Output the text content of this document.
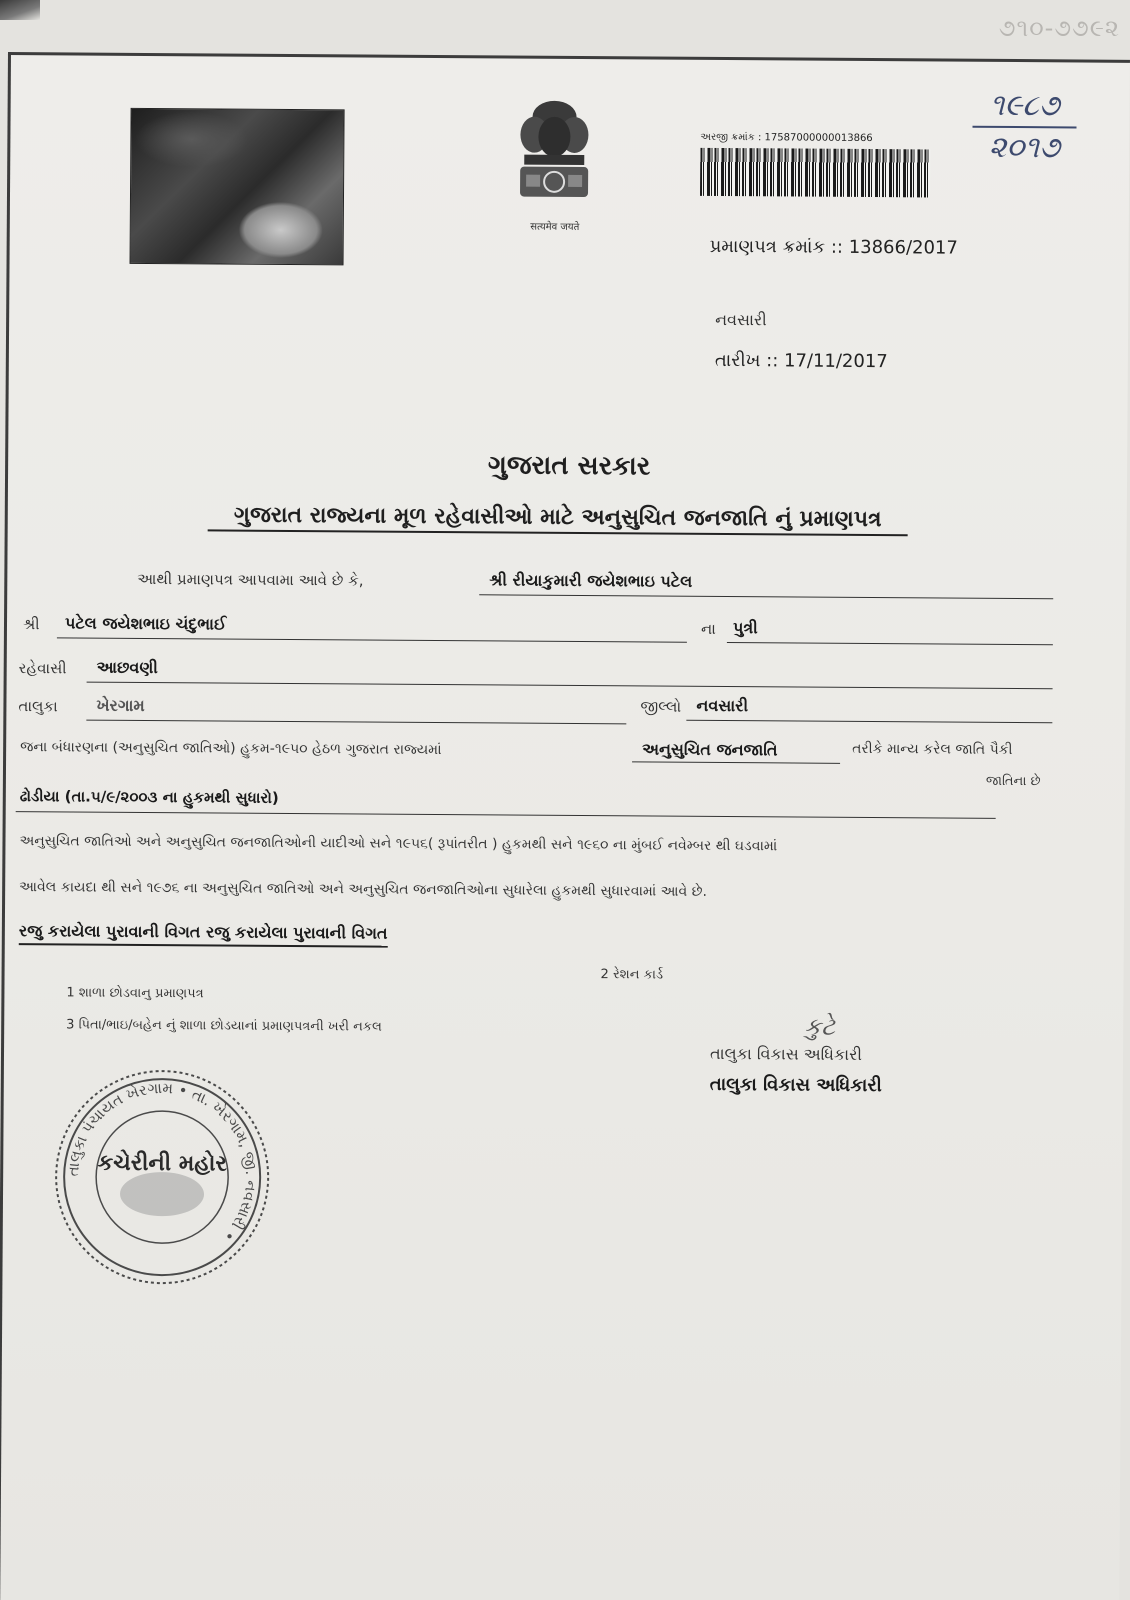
૭૧૦-૭૭૯૨
सत्यमेव जयते
અરજી ક્રમાંક : 17587000000013866
૧૯૮૭
૨૦૧૭
પ્રમાણપત્ર ક્રમાંક :: 13866/2017
નવસારી
તારીખ :: 17/11/2017
ગુજરાત સરકાર
ગુજરાત રાજ્યના મૂળ રહેવાસીઓ માટે અનુસુચિત જનજાતિ નું પ્રમાણપત્ર
આથી પ્રમાણપત્ર આપવામા આવે છે કે,	શ્રી રીયાકુમારી જયેશભાઇ પટેલ
શ્રી પટેલ જયેશભાઇ ચંદુભાઈ	ના પુત્રી
રહેવાસી આછવણી
તાલુકા ખેરગામ	જીલ્લો નવસારી
જના બંધારણના (અનુસુચિત જાતિઓ) હુકમ-૧૯૫૦ હેઠળ ગુજરાત રાજ્યમાં	અનુસુચિત જનજાતિ	તરીકે માન્ય કરેલ જાતિ પૈકી
જાતિના છે
ઢોડીયા (તા.૫/૯/૨૦૦૩ ના હુકમથી સુધારો)
અનુસુચિત જાતિઓ અને અનુસુચિત જનજાતિઓની યાદીઓ સને ૧૯૫૬( રૂપાંતરીત ) હુકમથી સને ૧૯૬૦ ના મુંબઈ નવેમ્બર થી ઘડવામાં
આવેલ કાયદા થી સને ૧૯૭૬ ના અનુસુચિત જાતિઓ અને અનુસુચિત જનજાતિઓના સુધારેલા હુકમથી સુધારવામાં આવે છે.
રજુ કરાયેલા પુરાવાની વિગત રજુ કરાયેલા પુરાવાની વિગત
2 રેશન કાર્ડ
1 શાળા છોડવાનુ પ્રમાણપત્ર
3 પિતા/ભાઇ/બહેન નું શાળા છોડયાનાં પ્રમાણપત્રની ખરી નકલ	કુટે
તાલુકા વિકાસ અધિકારી
તાલુકા વિકાસ અધિકારી
તાલુકા પંચાયત ખેરગામ • તા. ખેરગામ, જી. નવસારી •
કચેરીની મહોર
